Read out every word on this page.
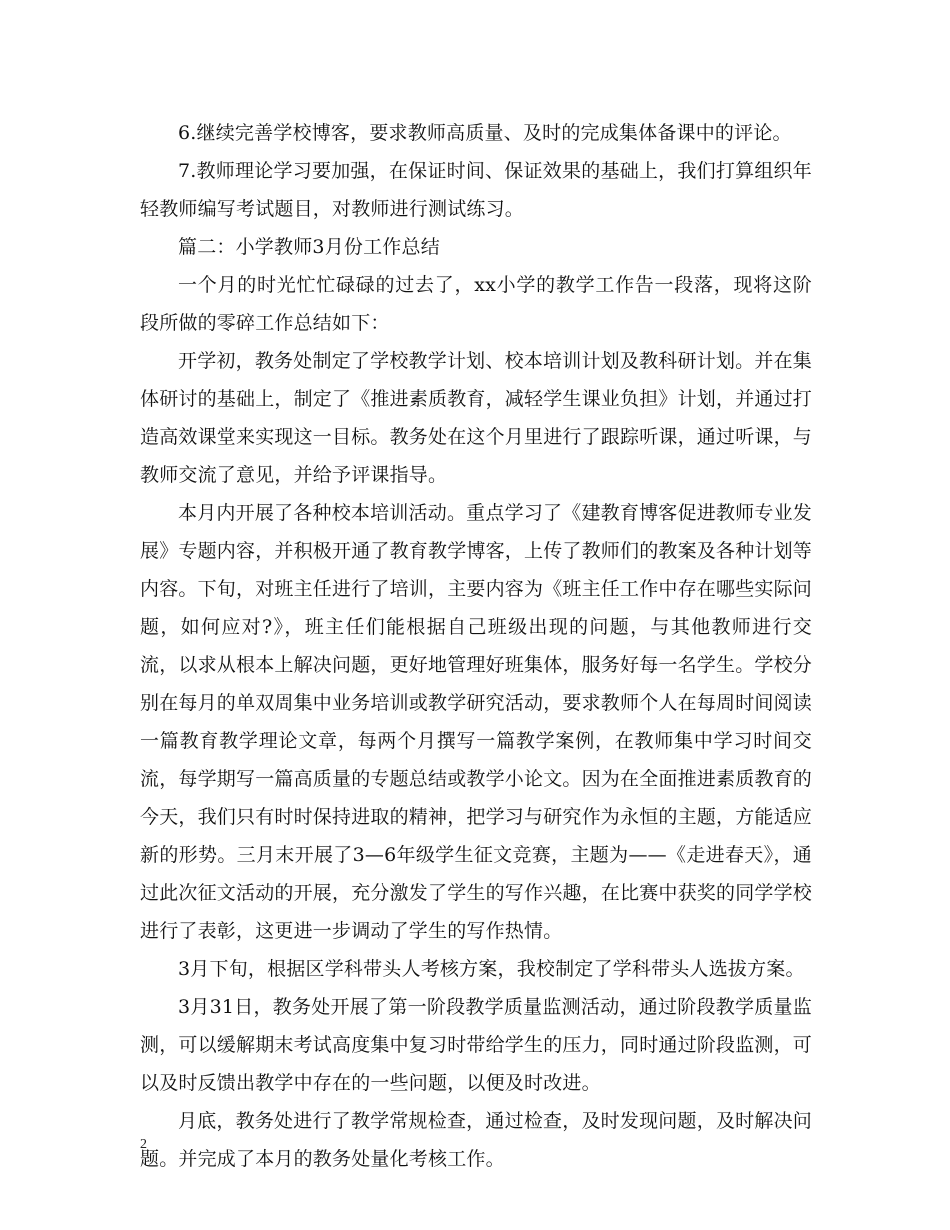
6.继续完善学校博客，要求教师高质量、及时的完成集体备课中的评论。

7.教师理论学习要加强，在保证时间、保证效果的基础上，我们打算组织年轻教师编写考试题目，对教师进行测试练习。

篇二：小学教师3月份工作总结

一个月的时光忙忙碌碌的过去了，xx小学的教学工作告一段落，现将这阶段所做的零碎工作总结如下：

开学初，教务处制定了学校教学计划、校本培训计划及教科研计划。并在集体研讨的基础上，制定了《推进素质教育，减轻学生课业负担》计划，并通过打造高效课堂来实现这一目标。教务处在这个月里进行了跟踪听课，通过听课，与教师交流了意见，并给予评课指导。

本月内开展了各种校本培训活动。重点学习了《建教育博客促进教师专业发展》专题内容，并积极开通了教育教学博客，上传了教师们的教案及各种计划等内容。下旬，对班主任进行了培训，主要内容为《班主任工作中存在哪些实际问题，如何应对?》，班主任们能根据自己班级出现的问题，与其他教师进行交流，以求从根本上解决问题，更好地管理好班集体，服务好每一名学生。学校分别在每月的单双周集中业务培训或教学研究活动，要求教师个人在每周时间阅读一篇教育教学理论文章，每两个月撰写一篇教学案例，在教师集中学习时间交流，每学期写一篇高质量的专题总结或教学小论文。因为在全面推进素质教育的今天，我们只有时时保持进取的精神，把学习与研究作为永恒的主题，方能适应新的形势。三月末开展了3—6年级学生征文竞赛，主题为——《走进春天》，通过此次征文活动的开展，充分激发了学生的写作兴趣，在比赛中获奖的同学学校进行了表彰，这更进一步调动了学生的写作热情。

3月下旬，根据区学科带头人考核方案，我校制定了学科带头人选拔方案。

3月31日，教务处开展了第一阶段教学质量监测活动，通过阶段教学质量监测，可以缓解期末考试高度集中复习时带给学生的压力，同时通过阶段监测，可以及时反馈出教学中存在的一些问题，以便及时改进。

月底，教务处进行了教学常规检查，通过检查，及时发现问题，及时解决问题。并完成了本月的教务处量化考核工作。

2
